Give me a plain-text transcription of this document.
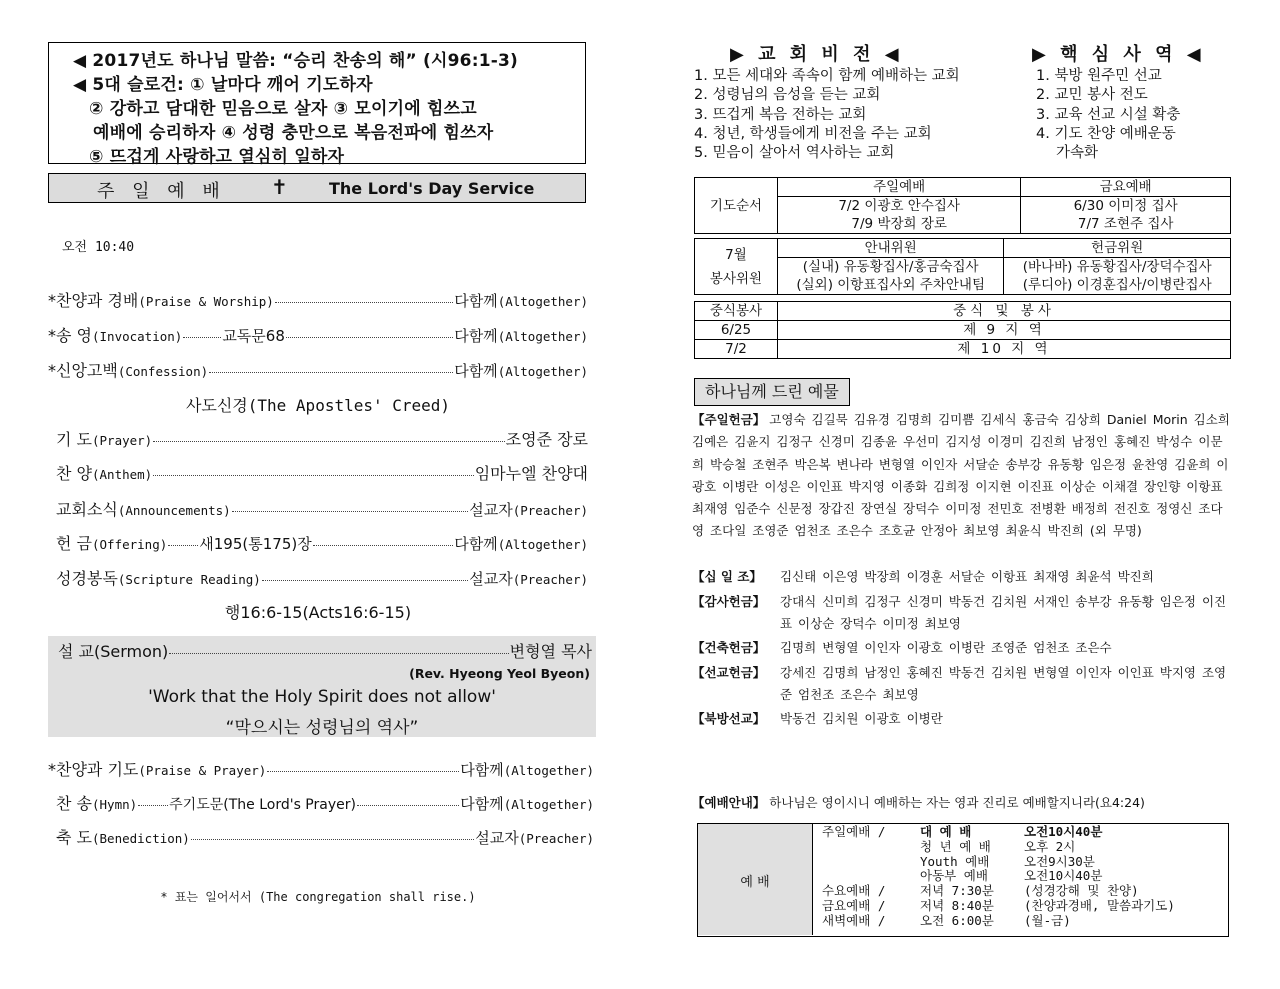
◀ 2017년도 하나님 말씀: “승리 찬송의 해” (시96:1-3)
◀ 5대 슬로건: ① 날마다 깨어 기도하자
② 강하고 담대한 믿음으로 살자 ③ 모이기에 힘쓰고
예배에 승리하자 ④ 성령 충만으로 복음전파에 힘쓰자
⑤ 뜨겁게 사랑하고 열심히 일하자
주 일 예 배 ✝	The Lord's Day Service
오전 10:40
*찬양과 경배 (Praise & Worship)	다함께 (Altogether)
*송 영 (Invocation)	교독문68	다함께 (Altogether)
*신앙고백 (Confession)	다함께 (Altogether)
사도신경(The Apostles' Creed)
기 도 (Prayer)	조영준 장로
찬 양 (Anthem)	임마누엘 찬양대
교회소식 (Announcements)	설교자 (Preacher)
헌 금 (Offering) 새195(통175)장	다함께 (Altogether)
성경봉독 (Scripture Reading)	설교자 (Preacher)
행16:6-15(Acts16:6-15)
설 교(Sermon)	변형열 목사
(Rev. Hyeong Yeol Byeon)
'Work that the Holy Spirit does not allow'
“막으시는 성령님의 역사”
*찬양과 기도 (Praise & Prayer)	다함께 (Altogether)
찬 송 (Hymn) 주기도문(The Lord's Prayer)	다함께 (Altogether)
축 도 (Benediction)	설교자 (Preacher)
* 표는 일어서서 (The congregation shall rise.)
▶ 교 회 비 전 ◀
1. 모든 세대와 족속이 함께 예배하는 교회
2. 성령님의 음성을 듣는 교회
3. 뜨겁게 복음 전하는 교회
4. 청년, 학생들에게 비전을 주는 교회
5. 믿음이 살아서 역사하는 교회
▶ 핵 심 사 역 ◀
1. 북방 원주민 선교
2. 교민 봉사 전도
3. 교육 선교 시설 확충
4. 기도 찬양 예배운동
가속화
기도순서	주일예배	금요예배
	7/2 이광호 안수집사	6/30 이미정 집사
	7/9 박장희 장로	7/7 조현주 집사
7월
봉사위원	안내위원	헌금위원
	(실내) 유동황집사/홍금숙집사	(바나바) 유동황집사/장덕수집사
	(실외) 이항표집사외 주차안내팀	(루디아) 이경훈집사/이병란집사
중식봉사	중식 및 봉사
6/25	제 9 지 역
7/2	제 10 지 역
하나님께 드린 예물
【주일헌금】 고영숙 김길묵 김유경 김명희 김미쁨 김세식 홍금숙 김상희 Daniel Morin 김소희 김예은 김윤지 김정구 신경미 김종윤 우선미 김지성 이경미 김진희 남정인 홍혜진 박성수 이문희 박승철 조현주 박은복 변나라 변형열 이인자 서달순 송부강 유동황 임은정 윤찬영 김윤희 이광호 이병란 이성은 이인표 박지영 이종화 김희정 이지현 이진표 이상순 이채결 장인향 이항표 최재영 임준수 신문정 장갑진 장연실 장덕수 이미정 전민호 전병환 배정희 전진호 정영신 조다영 조다일 조영준 엄천조 조은수 조호균 안정아 최보영 최윤식 박진희 (외 무명)
【십 일 조】	김신태 이은영 박장희 이경훈 서달순 이항표 최재영 최윤석 박진희
【감사헌금】	강대식 신미희 김정구 신경미 박동건 김치원 서재인 송부강 유동황 임은정 이진표 이상순 장덕수 이미정 최보영
【건축헌금】	김명희 변형열 이인자 이광호 이병란 조영준 엄천조 조은수
【선교헌금】	강세진 김명희 남정인 홍혜진 박동건 김치원 변형열 이인자 이인표 박지영 조영준 엄천조 조은수 최보영
【북방선교】	박동건 김치원 이광호 이병란
【예배안내】 하나님은 영이시니 예배하는 자는 영과 진리로 예배할지니라(요4:24)
예 배
주일예배 /	대 예 배	오전10시40분
청 년 예 배	오후 2시
Youth 예배	오전9시30분
아동부 예배	오전10시40분
수요예배 /	저녁 7:30분	(성경강해 및 찬양)
금요예배 /	저녁 8:40분	(찬양과경배, 말씀과기도)
새벽예배 /	오전 6:00분	(월-금)
